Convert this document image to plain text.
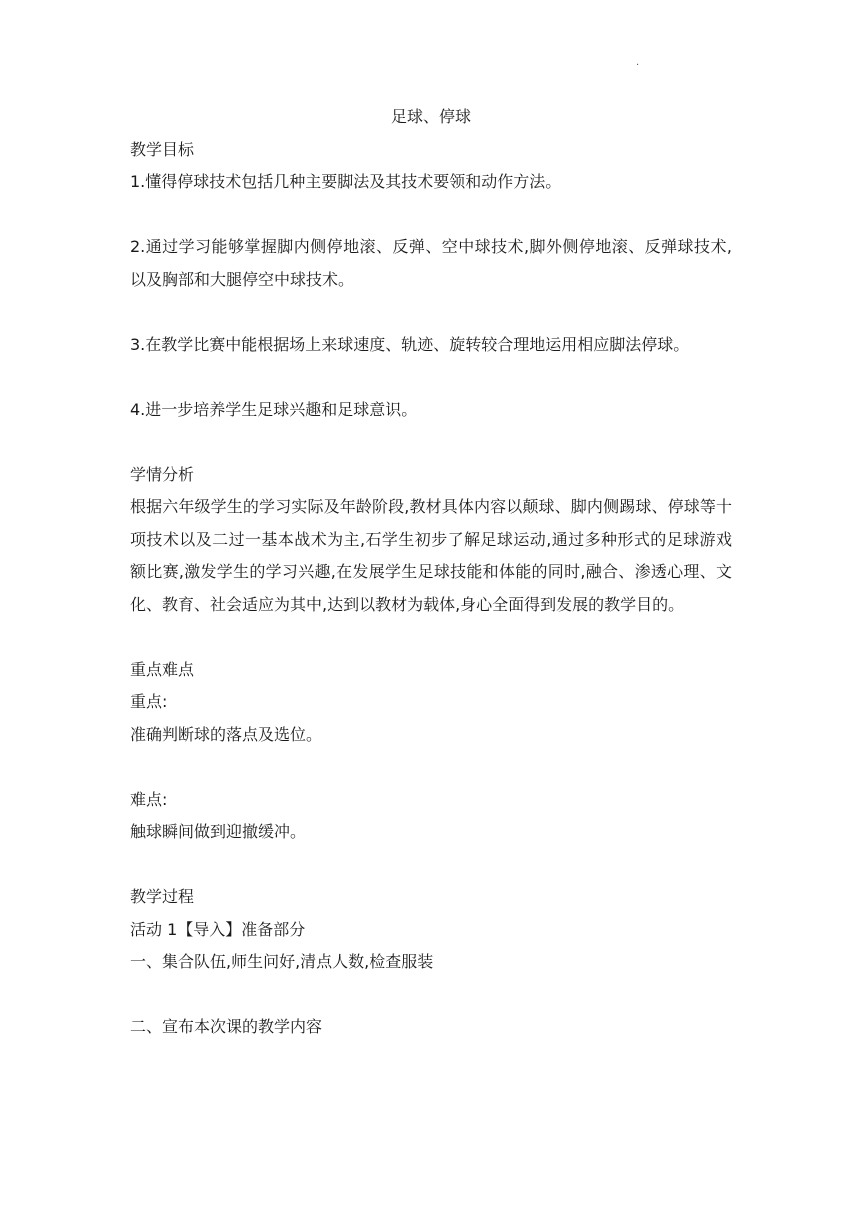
.

足球、停球

教学目标

1.懂得停球技术包括几种主要脚法及其技术要领和动作方法。

2.通过学习能够掌握脚内侧停地滚、反弹、空中球技术,脚外侧停地滚、反弹球技术, 以及胸部和大腿停空中球技术。

3.在教学比赛中能根据场上来球速度、轨迹、旋转较合理地运用相应脚法停球。

4.进一步培养学生足球兴趣和足球意识。

学情分析

根据六年级学生的学习实际及年龄阶段,教材具体内容以颠球、脚内侧踢球、停球等十项技术以及二过一基本战术为主,石学生初步了解足球运动,通过多种形式的足球游戏额比赛,激发学生的学习兴趣,在发展学生足球技能和体能的同时,融合、渗透心理、文化、教育、社会适应为其中,达到以教材为载体,身心全面得到发展的教学目的。

重点难点

重点:

准确判断球的落点及选位。

难点:

触球瞬间做到迎撤缓冲。

教学过程

活动 1【导入】准备部分

一、集合队伍,师生问好,清点人数,检查服装

二、宣布本次课的教学内容
